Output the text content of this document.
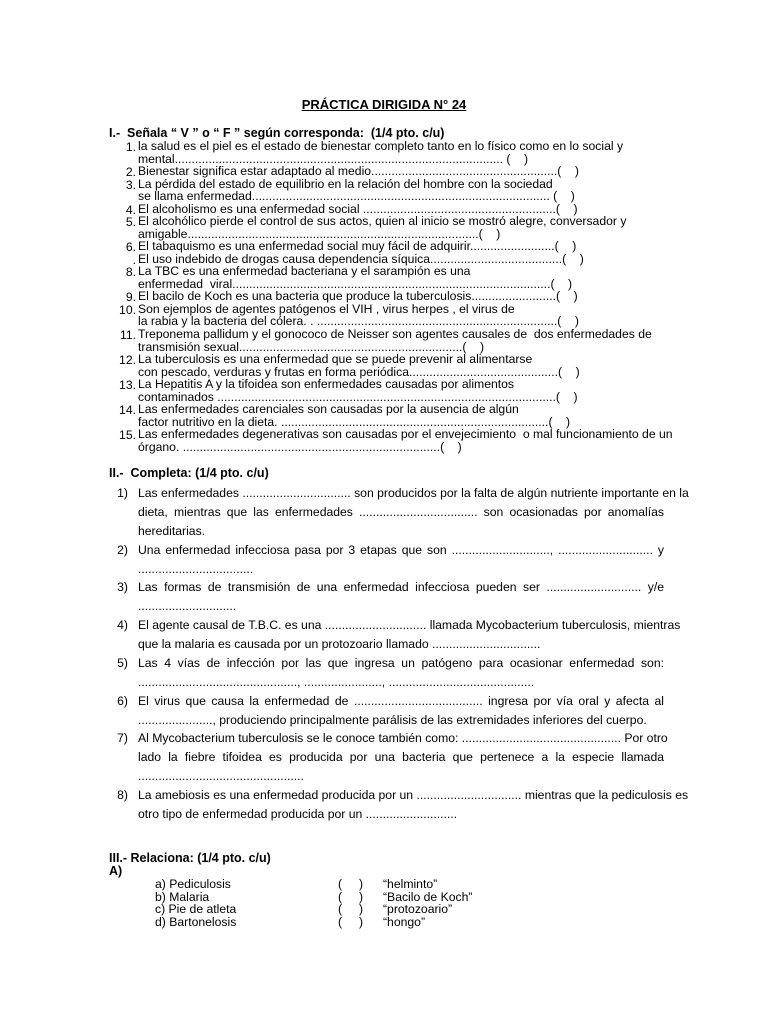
PRÁCTICA DIRIGIDA N° 24
I.-  Señala “ V ” o “ F ” según corresponda:  (1/4 pto. c/u)
1. la salud es el piel es el estado de bienestar completo tanto en lo físico como en lo social y
mental................................................................................................. (    )
2. Bienestar significa estar adaptado al medio.......................................................(    )
3. La pérdida del estado de equilibrio en la relación del hombre con la sociedad
se llama enfermedad........................................................................................ (    )
4. El alcoholismo es una enfermedad social .........................................................(    )
5. El alcohólico pierde el control de sus actos, quien al inicio se mostró alegre, conversador y
amigable......................................................................................(    )
6. El tabaquismo es una enfermedad social muy fácil de adquirir.........................(    )
. El uso indebido de drogas causa dependencia síquica.......................................(    )
8. La TBC es una enfermedad bacteriana y el sarampión es una
enfermedad  viral..............................................................................................(    )
9. El bacilo de Koch es una bacteria que produce la tuberculosis.........................(    )
10. Son ejemplos de agentes patógenos el VIH , virus herpes , el virus de
la rabia y la bacteria del cólera. . .......................................................................(    )
11. Treponema pallidum y el gonococo de Neisser son agentes causales de  dos enfermedades de
transmisión sexual..................................................................(    )
12. La tuberculosis es una enfermedad que se puede prevenir al alimentarse
con pescado, verduras y frutas en forma periódica............................................(    )
13. La Hepatitis A y la tifoidea son enfermedades causadas por alimentos
contaminados ....................................................................................................(    )
14. Las enfermedades carenciales son causadas por la ausencia de algún
factor nutritivo en la dieta. ...............................................................................(    )
15. Las enfermedades degenerativas son causadas por el envejecimiento  o mal funcionamiento de un
órgano. ............................................................................(    )
II.-  Completa: (1/4 pto. c/u)
1) Las enfermedades ................................ son producidos por la falta de algún nutriente importante en la
dieta, mientras que las enfermedades ................................... son ocasionadas por anomalías
hereditarias.
2) Una enfermedad infecciosa pasa por 3 etapas que son ............................., ............................ y
..................................
3) Las formas de transmisión de una enfermedad infecciosa pueden ser ............................ y/e
.............................
4) El agente causal de T.B.C. es una .............................. llamada Mycobacterium tuberculosis, mientras
que la malaria es causada por un protozoario llamado ................................
5) Las 4 vías de infección por las que ingresa un patógeno para ocasionar enfermedad son:
..............................................., ......................., ...........................................
6) El virus que causa la enfermedad de ...................................... ingresa por vía oral y afecta al
......................, produciendo principalmente parálisis de las extremidades inferiores del cuerpo.
7) Al Mycobacterium tuberculosis se le conoce también como: ............................................... Por otro
lado la fiebre tifoidea es producida por una bacteria que pertenece a la especie llamada
.................................................
8) La amebiosis es una enfermedad producida por un ............................... mientras que la pediculosis es
otro tipo de enfermedad producida por un ...........................
III.- Relaciona: (1/4 pto. c/u)
A)
a) Pediculosis	(     ) “helminto”
b) Malaria	(     ) “Bacilo de Koch”
c) Pie de atleta	(     ) “protozoario”
d) Bartonelosis	(     ) “hongo”
